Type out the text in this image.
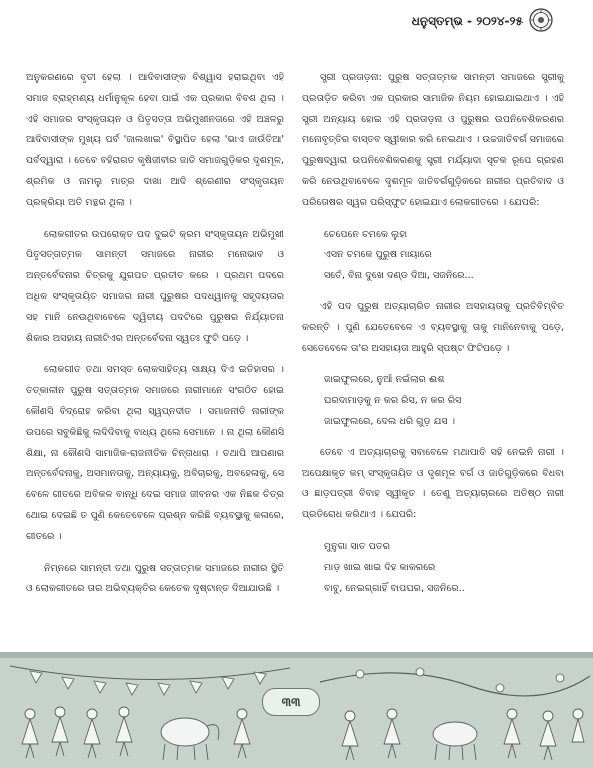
ଧନୁସ୍ତମ୍ଭ - ୨୦୨୪-୨୫

ଅନୁକରଣରେ ବୃତୀ ହେଲା । ଆଦିବାସୀଙ୍କ ବିଶ୍ୱାସ ହରାଇଥିବା ଏହି ସମାଜ ବ୍ରାହ୍ମଣ୍ୟ ଧର୍ମାନୁକୂଳ ହେବା ପାଇଁ ଏକ ପ୍ରକାର ବିବଶ ଥିଲା । ଏହି ସମାଜର ସଂସ୍କୃତାୟନ ଓ ପିତୃସତ୍ତା ଅଭିମୁଖୀନତାରେ ଏହି ଅଞ୍ଚଳରୁ ଆଦିବାସୀଙ୍କ ମୁଖ୍ୟ ପର୍ବ 'ଜାଲଖାଇ' ବିସ୍ଥାପିତ ହେଲା 'ଭାଏ ଜାଉଁତିଆ' ପର୍ବଦ୍ୱାରା । ତେବେ ବହିରାଗତ କୃଷିଜୀବୀର ଜାତି ସମାଜଗୁଡ଼ିକର ଦୃଶମୂଳ, ଶ୍ରମିକ ଓ ନାମଲୁ ମାତ୍ର ଦାଖା ଆଦି ଶ୍ରେଣୀର ସଂସ୍କୃତାୟନ ପ୍ରକ୍ରିୟା ଅତି ମନ୍ଥର ଥିଲା ।

ଲୋକଗୀତର ଉପରୋକ୍ତ ପଦ ଦୁଇଟି କ୍ରମ ସଂସ୍କୃତାୟନ ଅଭିମୁଖୀ ପିତୃସତ୍ତାତ୍ମକ ସାମନ୍ତୀ ସମାଜରେ ନାରୀର ମନୋଭାବ ଓ ଅନ୍ତର୍ବେଦନାର ଚିତ୍ରକୁ ଯୁଗପତ ପ୍ରତୀତ କରେ । ପ୍ରଥମ ପଦରେ ଅଧିକ ସଂସ୍କୃତାୟିତ ସମାଜର ନାରୀ ପୁରୁଷର ପଦଧ୍ୱାନକୁ ସହୃଦୟତାର ସହ ମାନି ନେଉଥିବାବେଳେ ଦ୍ୱିତୀୟ ପଦଟିରେ ପୁରୁଷର ନିର୍ଯ୍ୟାତନା ଶିକାର ଅସହାୟ ନାରୀଟିଏର ଅନ୍ତର୍ବେଦନା ସ୍ୱତଃ ଫୁଟି ପଡ଼େ ।

ଲୋକଗୀତ ତଥା ସମସ୍ତ ଲୋକସାହିତ୍ୟ ସାକ୍ଷ୍ୟ ଦିଏ ଇତିହାସର । ତତ୍କାଳୀନ ପୁରୁଷ ସତ୍ତାତ୍ମକ ସମାଜରେ ନାରୀମାନେ ସଂଗଠିତ ହୋଇ କୌଣସି ବିଦ୍ରୋହ କରିବା ଥିଲା ସ୍ୱପ୍ନଦୀତ । ସମାଜନୀତି ନାରୀଙ୍କ ଉପରେ ସବୁକିଛିକୁ ଲଦିଦିବାକୁ ବାଧ୍ୟ ଥିଲେ ସେମାନେ । ନା ଥିଲା କୌଣସି ଶିକ୍ଷା, ନା କୌଣସି ସାମାଜିକ-ରାଜନୀତିକ ଚିନ୍ତାଧାରା । ତଥାପି ଆପଣାର ଅନ୍ତର୍ବେଦନାକୁ, ଅସମାନତାକୁ, ଅନ୍ୟାୟକୁ, ଅବିଚାରକୁ, ଅବହେଳାକୁ, ସେ ବେଳେ ଗୀତରେ ଅବିକଳ ବାନ୍ଧି ଦେଇ ସମାଜ ଜୀବନର ଏକ ନିଛକ ଚିତ୍ର ଥୋଇ ଦେଇଛି ତ ପୁଣି କେତେବେଳେ ପ୍ରଶ୍ନ କରିଛି ବ୍ୟବସ୍ଥାକୁ କଳାରେ, ଗୀତରେ ।

ନିମ୍ନରେ ସାମନ୍ତୀ ତଥା ପୁରୁଷ ସତ୍ତାତ୍ମକ ସମାଜରେ ନାରୀର ସ୍ଥିତି ଓ ଲୋକଗୀତରେ ତାର ଅଭିବ୍ୟକ୍ତିର କେତେକ ଦୃଷ୍ଟାନ୍ତ ଦିଆଯାଉଛି ।

ସ୍ତ୍ରୀ ପ୍ରତାଡ଼ନା: ପୁରୁଷ ସତ୍ତାତ୍ମକ ସାମନ୍ତୀ ସମାଜରେ ସ୍ତ୍ରୀକୁ ପ୍ରତାଡ଼ିତ କରିବା ଏକ ପ୍ରକାର ସାମାଜିକ ନିୟମ ହୋଇଯାଇଥାଏ । ଏହି ସ୍ତ୍ରୀ ଅନ୍ୟାୟ ହୋଇ ଏହି ପ୍ରତାଡ଼ନା ଓ ପୁରୁଷର ଉପନିବେଶିକରଣର ମନୋବୃତ୍ତିର ବାସ୍ତବ ସ୍ୱୀକାର କରି ନେଇଥାଏ । ଉଚ୍ଚଜାତିବର୍ଗ ସମାଜରେ ପୁରୁଷଦ୍ୱାରା ଉପନିବେଶିକରଣକୁ ସ୍ତ୍ରୀ ମର୍ଯ୍ୟାଦା ସୂଚକ ରୂପେ ଗ୍ରହଣ କରି ନେଉଥିବାବେଳେ ଦୃଶମୂଳ ଜାତିବର୍ଗଗୁଡ଼ିକରେ ନାରୀର ପ୍ରତିବାଦ ଓ ପରିତୋଷର ସ୍ୱର ପରିସ୍ଫୁଟ ହୋଇଯାଏ ଲୋକଗୀତରେ । ଯେପରି:

ଚେପେନେ ଚମକେ ଲୁହା
ଏସନ ଚମକେ ପୁରୁଷ ମାୟାରେ
ସତେଁ, ବିନା ଦୁଖେ ଦଣ୍ଡ ଦିଆ, ସଜନିରେ...

ଏହି ପଦ ପୁରୁଷ ଅତ୍ୟାଚାରିତ ନାରୀର ଅସହାୟତାକୁ ପ୍ରତିବିମ୍ବିତ କରନ୍ତି । ପୁଣି ଯେତେବେଳେ ଏ ବ୍ୟବସ୍ଥାକୁ ତାକୁ ମାନିନେବାକୁ ପଡ଼େ, ସେତେବେଳେ ତା'ର ଅସହାୟତା ଆହୁରି ସ୍ପଷ୍ଟ ଫିଟିପଡ଼େ ।

ଜାଇଫୁଲରେ, ନୁଆଁ ନଇଁଲାର ଈଶ
ଘରଦାମାଡ଼କୁ ନ କର ରିସ, ନ କର ରିସ
ଜାଇଫୁଲରେ, ଦେଲ ଧରି ଗୁଡ଼ ଯସ ।

ତେବେ ଏ ଅତ୍ୟାଚାରକୁ ସବାବେଳେ ମଥାପାତି ସହି ନେଇନି ନାରୀ । ଅପେକ୍ଷାକୃତ କମ୍ ସଂସ୍କୃତାୟିତ ଓ ଦୃଶମୂଳ ବର୍ଗ ଓ ଜାତିଗୁଡ଼ିକରେ ବିଧବା ଓ ଛାଡ଼ପତ୍ରୀ ବିବାହ ସ୍ୱୀକୃତ । ତେଣୁ ଅତ୍ୟାଚାରରେ ଅତିଷ୍ଠ ନାରୀ ପ୍ରତିରୋଧ କରିଥାଏ । ଯେପରି:

ମୁନୁଗା ସାତ ପତର
ମାଡ଼ ଖାଇ ଖାଇ ଦିହ କାକରରେ
ବାବୁ, ନେଇଗ୍ଗାହିଁ ବାପଘର, ସଜନିରେ..
୩୩
